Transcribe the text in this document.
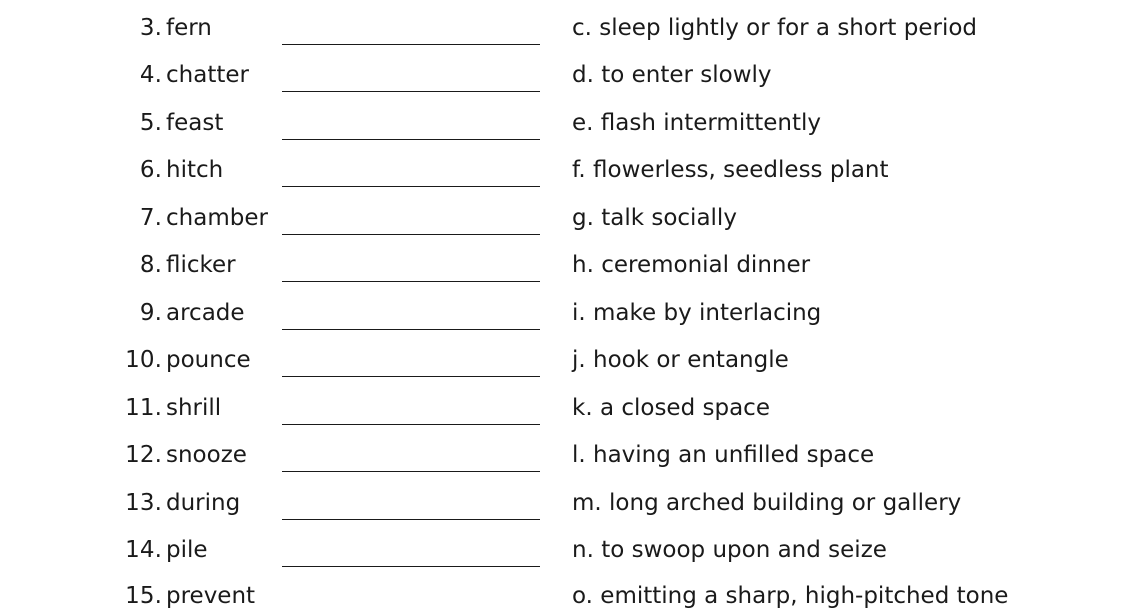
3. fern	c. sleep lightly or for a short period
4. chatter	d. to enter slowly
5. feast	e. flash intermittently
6. hitch	f. flowerless, seedless plant
7. chamber	g. talk socially
8. flicker	h. ceremonial dinner
9. arcade	i. make by interlacing
10. pounce	j. hook or entangle
11. shrill	k. a closed space
12. snooze	l. having an unfilled space
13. during	m. long arched building or gallery
14. pile	n. to swoop upon and seize
15. prevent	o. emitting a sharp, high-pitched tone
